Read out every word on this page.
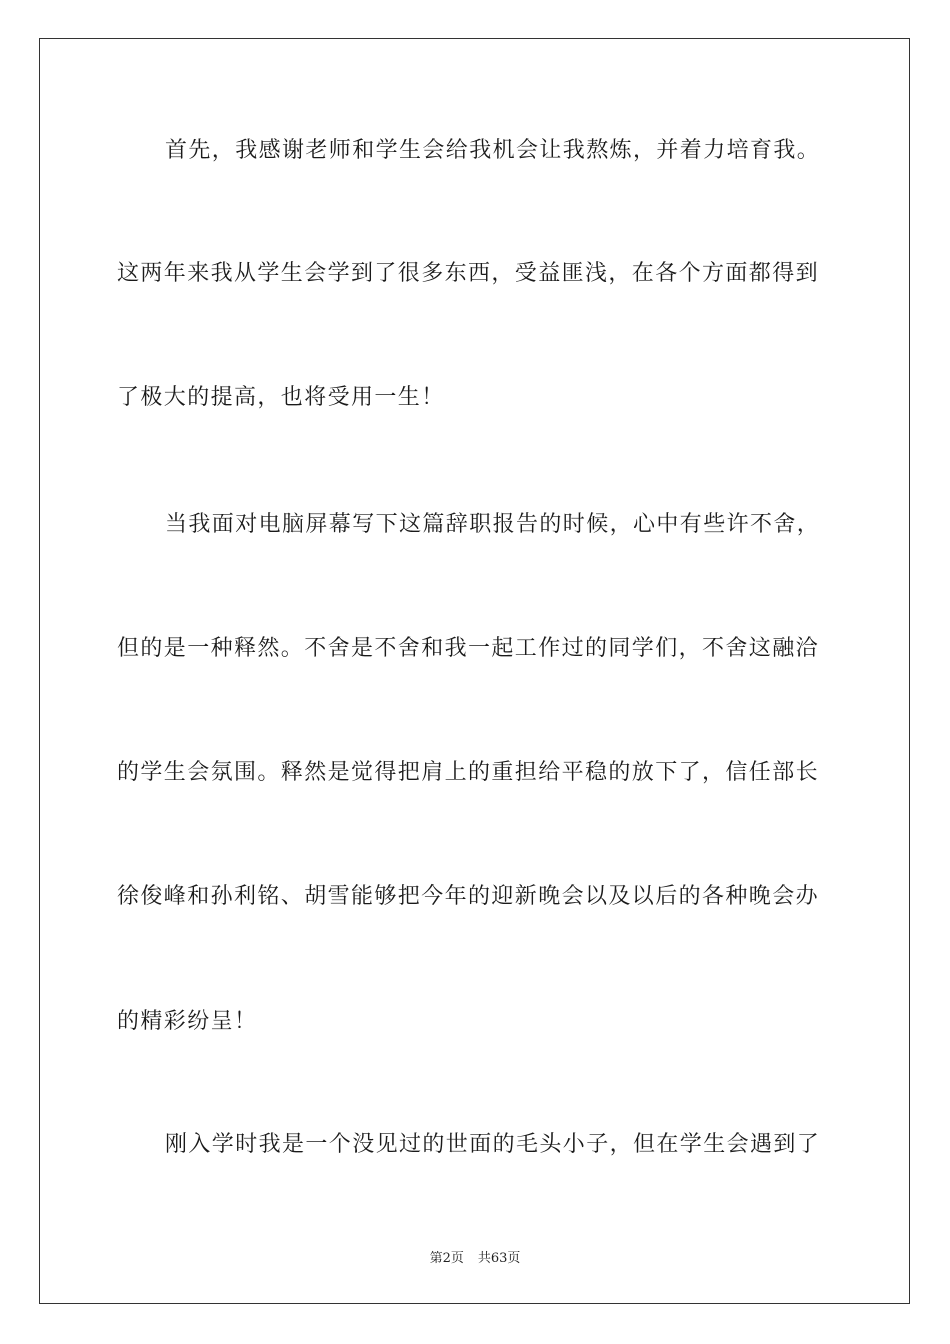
首先，我感谢老师和学生会给我机会让我熬炼，并着力培育我。
这两年来我从学生会学到了很多东西，受益匪浅，在各个方面都得到
了极大的提高，也将受用一生！
当我面对电脑屏幕写下这篇辞职报告的时候，心中有些许不舍，
但的是一种释然。不舍是不舍和我一起工作过的同学们，不舍这融洽
的学生会氛围。释然是觉得把肩上的重担给平稳的放下了，信任部长
徐俊峰和孙利铭、胡雪能够把今年的迎新晚会以及以后的各种晚会办
的精彩纷呈！
刚入学时我是一个没见过的世面的毛头小子，但在学生会遇到了
第2页 共63页
